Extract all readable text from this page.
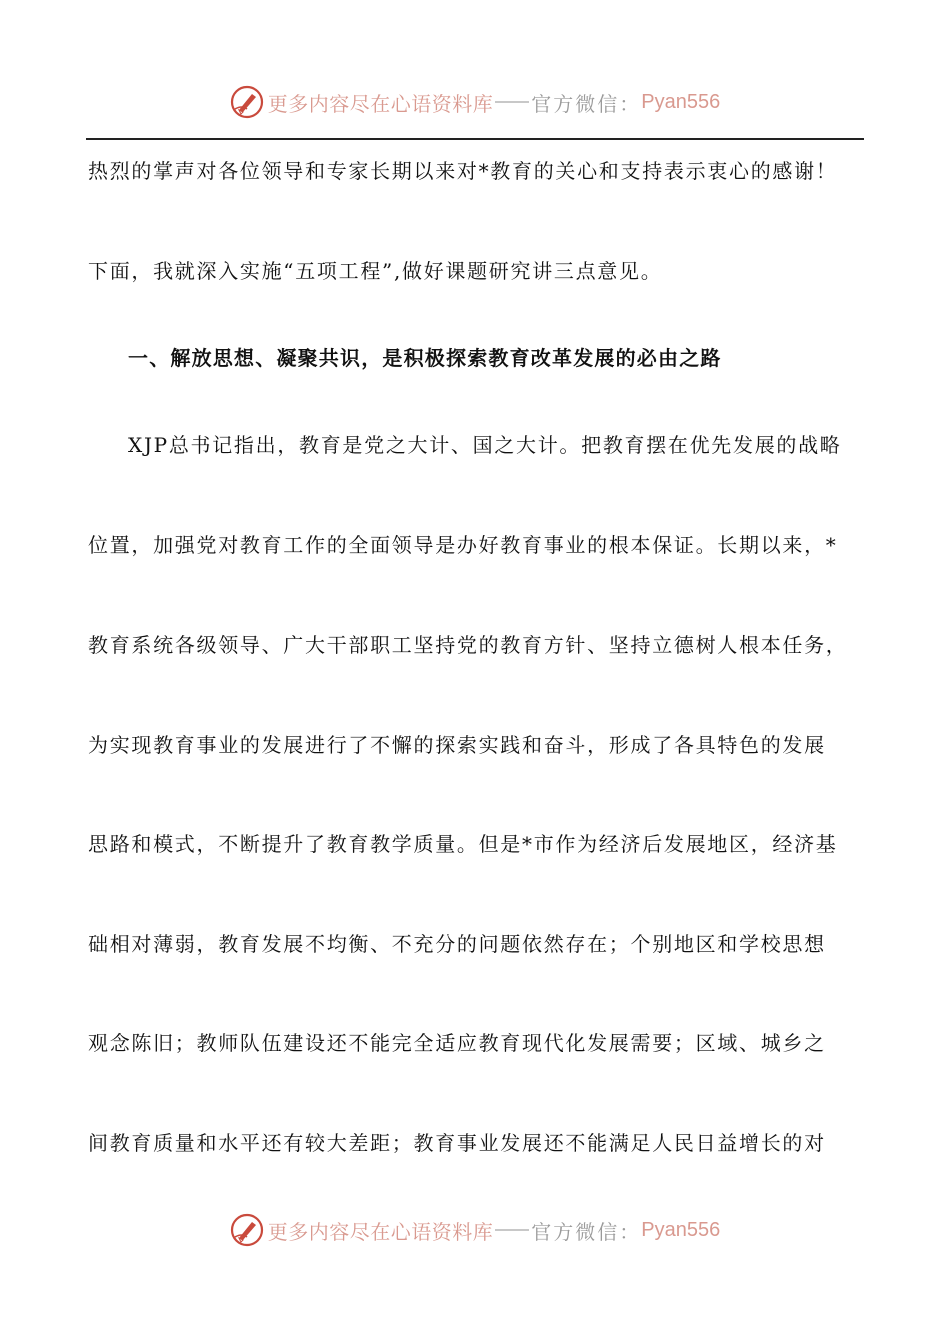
更多内容尽在心语资料库 官方微信： Pyan556
热烈的掌声对各位领导和专家长期以来对*教育的关心和支持表示衷心的感谢！
下面，我就深入实施“五项工程”,做好课题研究讲三点意见。
一、解放思想、凝聚共识，是积极探索教育改革发展的必由之路
XJP总书记指出，教育是党之大计、国之大计。把教育摆在优先发展的战略
位置，加强党对教育工作的全面领导是办好教育事业的根本保证。长期以来，*
教育系统各级领导、广大干部职工坚持党的教育方针、坚持立德树人根本任务，
为实现教育事业的发展进行了不懈的探索实践和奋斗，形成了各具特色的发展
思路和模式，不断提升了教育教学质量。但是*市作为经济后发展地区，经济基
础相对薄弱，教育发展不均衡、不充分的问题依然存在；个别地区和学校思想
观念陈旧；教师队伍建设还不能完全适应教育现代化发展需要；区域、城乡之
间教育质量和水平还有较大差距；教育事业发展还不能满足人民日益增长的对
更多内容尽在心语资料库 官方微信： Pyan556
